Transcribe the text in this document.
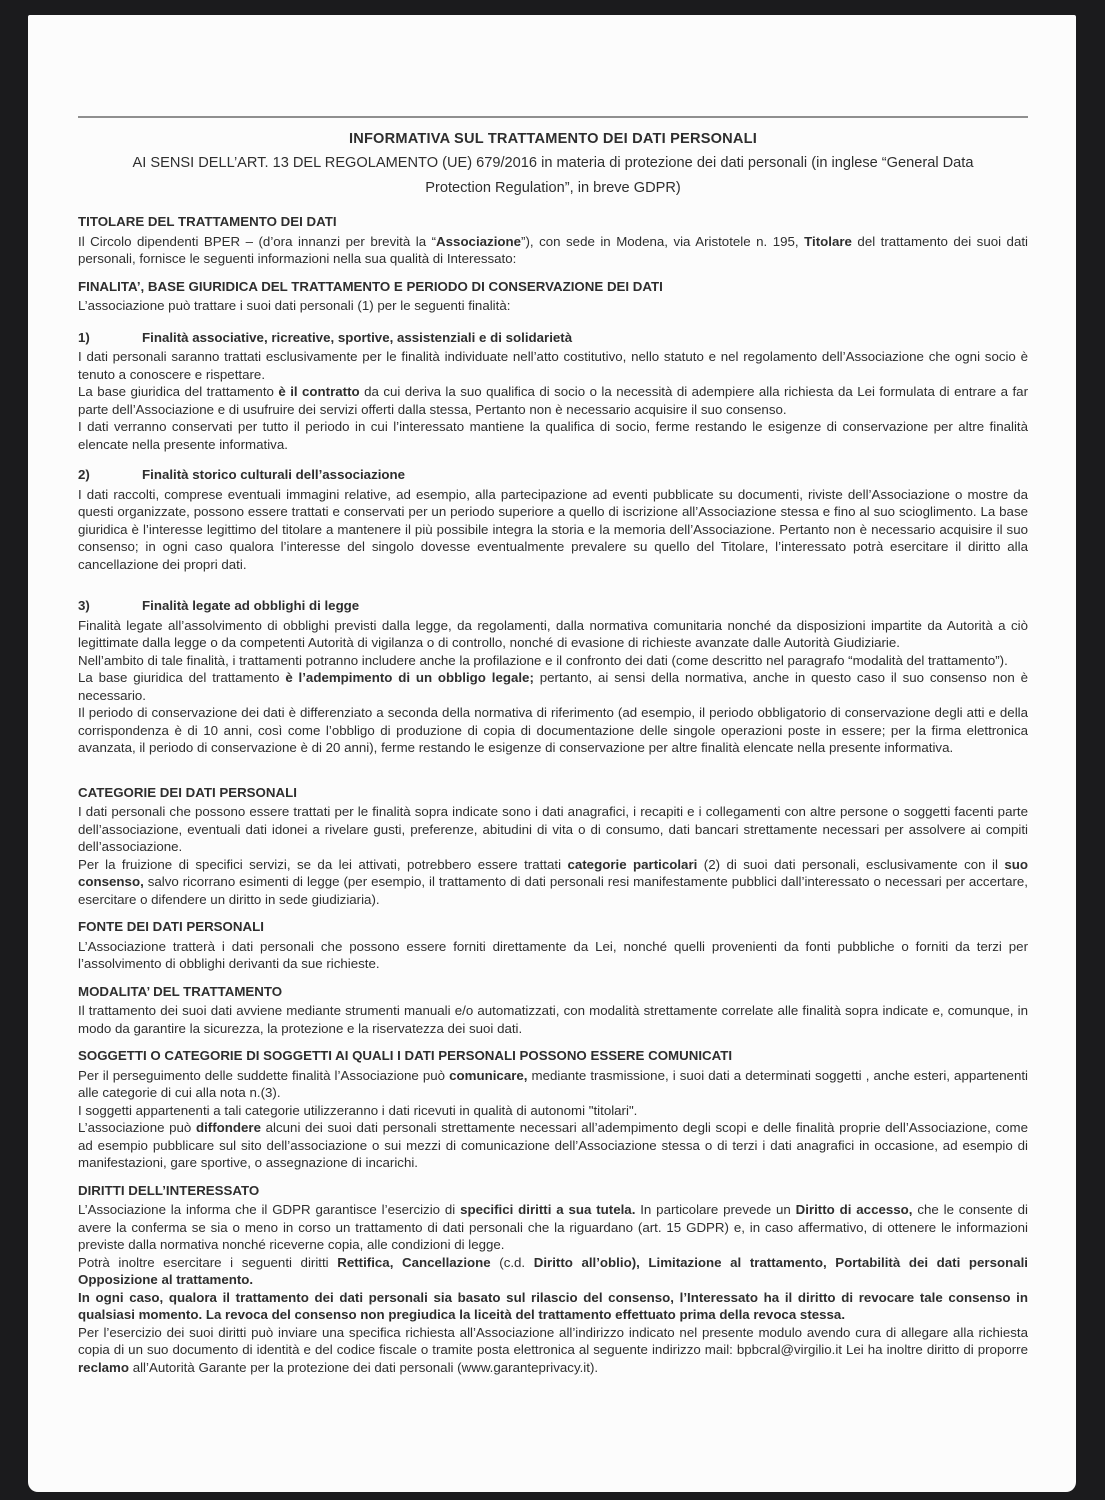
INFORMATIVA SUL TRATTAMENTO DEI DATI PERSONALI
AI SENSI DELL’ART. 13 DEL REGOLAMENTO (UE) 679/2016 in materia di protezione dei dati personali (in inglese “General Data
Protection Regulation”, in breve GDPR)
TITOLARE DEL TRATTAMENTO DEI DATI

Il Circolo dipendenti BPER – (d’ora innanzi per brevità la “Associazione”), con sede in Modena, via Aristotele n. 195, Titolare del trattamento dei suoi dati personali, fornisce le seguenti informazioni nella sua qualità di Interessato:

FINALITA’, BASE GIURIDICA DEL TRATTAMENTO E PERIODO DI CONSERVAZIONE DEI DATI

L’associazione può trattare i suoi dati personali (1) per le seguenti finalità:

1)	Finalità associative, ricreative, sportive, assistenziali e di solidarietà

I dati personali saranno trattati esclusivamente per le finalità individuate nell’atto costitutivo, nello statuto e nel regolamento dell’Associazione che ogni socio è tenuto a conoscere e rispettare.

La base giuridica del trattamento è il contratto da cui deriva la suo qualifica di socio o la necessità di adempiere alla richiesta da Lei formulata di entrare a far parte dell’Associazione e di usufruire dei servizi offerti dalla stessa, Pertanto non è necessario acquisire il suo consenso.

I dati verranno conservati per tutto il periodo in cui l’interessato mantiene la qualifica di socio, ferme restando le esigenze di conservazione per altre finalità elencate nella presente informativa.

2)	Finalità storico culturali dell’associazione

I dati raccolti, comprese eventuali immagini relative, ad esempio, alla partecipazione ad eventi pubblicate su documenti, riviste dell’Associazione o mostre da questi organizzate, possono essere trattati e conservati per un periodo superiore a quello di iscrizione all’Associazione stessa e fino al suo scioglimento. La base giuridica è l’interesse legittimo del titolare a mantenere il più possibile integra la storia e la memoria dell’Associazione. Pertanto non è necessario acquisire il suo consenso; in ogni caso qualora l’interesse del singolo dovesse eventualmente prevalere su quello del Titolare, l’interessato potrà esercitare il diritto alla cancellazione dei propri dati.

3)	Finalità legate ad obblighi di legge

Finalità legate all’assolvimento di obblighi previsti dalla legge, da regolamenti, dalla normativa comunitaria nonché da disposizioni impartite da Autorità a ciò legittimate dalla legge o da competenti Autorità di vigilanza o di controllo, nonché di evasione di richieste avanzate dalle Autorità Giudiziarie.

Nell’ambito di tale finalità, i trattamenti potranno includere anche la profilazione e il confronto dei dati (come descritto nel paragrafo “modalità del trattamento”).

La base giuridica del trattamento è l’adempimento di un obbligo legale; pertanto, ai sensi della normativa, anche in questo caso il suo consenso non è necessario.

Il periodo di conservazione dei dati è differenziato a seconda della normativa di riferimento (ad esempio, il periodo obbligatorio di conservazione degli atti e della corrispondenza è di 10 anni, così come l’obbligo di produzione di copia di documentazione delle singole operazioni poste in essere; per la firma elettronica avanzata, il periodo di conservazione è di 20 anni), ferme restando le esigenze di conservazione per altre finalità elencate nella presente informativa.

CATEGORIE DEI DATI PERSONALI

I dati personali che possono essere trattati per le finalità sopra indicate sono i dati anagrafici, i recapiti e i collegamenti con altre persone o soggetti facenti parte dell’associazione, eventuali dati idonei a rivelare gusti, preferenze, abitudini di vita o di consumo, dati bancari strettamente necessari per assolvere ai compiti dell’associazione.

Per la fruizione di specifici servizi, se da lei attivati, potrebbero essere trattati categorie particolari (2) di suoi dati personali, esclusivamente con il suo consenso, salvo ricorrano esimenti di legge (per esempio, il trattamento di dati personali resi manifestamente pubblici dall’interessato o necessari per accertare, esercitare o difendere un diritto in sede giudiziaria).

FONTE DEI DATI PERSONALI

L’Associazione tratterà i dati personali che possono essere forniti direttamente da Lei, nonché quelli provenienti da fonti pubbliche o forniti da terzi per l’assolvimento di obblighi derivanti da sue richieste.

MODALITA’ DEL TRATTAMENTO

Il trattamento dei suoi dati avviene mediante strumenti manuali e/o automatizzati, con modalità strettamente correlate alle finalità sopra indicate e, comunque, in modo da garantire la sicurezza, la protezione e la riservatezza dei suoi dati.

SOGGETTI O CATEGORIE DI SOGGETTI AI QUALI I DATI PERSONALI POSSONO ESSERE COMUNICATI

Per il perseguimento delle suddette finalità l’Associazione può comunicare, mediante trasmissione, i suoi dati a determinati soggetti , anche esteri, appartenenti alle categorie di cui alla nota n.(3).

I soggetti appartenenti a tali categorie utilizzeranno i dati ricevuti in qualità di autonomi "titolari".

L’associazione può diffondere alcuni dei suoi dati personali strettamente necessari all’adempimento degli scopi e delle finalità proprie dell’Associazione, come ad esempio pubblicare sul sito dell’associazione o sui mezzi di comunicazione dell’Associazione stessa o di terzi i dati anagrafici in occasione, ad esempio di manifestazioni, gare sportive, o assegnazione di incarichi.

DIRITTI DELL’INTERESSATO

L’Associazione la informa che il GDPR garantisce l’esercizio di specifici diritti a sua tutela. In particolare prevede un Diritto di accesso, che le consente di avere la conferma se sia o meno in corso un trattamento di dati personali che la riguardano (art. 15 GDPR) e, in caso affermativo, di ottenere le informazioni previste dalla normativa nonché riceverne copia, alle condizioni di legge.

Potrà inoltre esercitare i seguenti diritti Rettifica, Cancellazione (c.d. Diritto all’oblio), Limitazione al trattamento, Portabilità dei dati personali Opposizione al trattamento.

In ogni caso, qualora il trattamento dei dati personali sia basato sul rilascio del consenso, l’Interessato ha il diritto di revocare tale consenso in qualsiasi momento. La revoca del consenso non pregiudica la liceità del trattamento effettuato prima della revoca stessa.

Per l’esercizio dei suoi diritti può inviare una specifica richiesta all’Associazione all’indirizzo indicato nel presente modulo avendo cura di allegare alla richiesta copia di un suo documento di identità e del codice fiscale o tramite posta elettronica al seguente indirizzo mail: bpbcral@virgilio.it Lei ha inoltre diritto di proporre reclamo all’Autorità Garante per la protezione dei dati personali (www.garanteprivacy.it).
